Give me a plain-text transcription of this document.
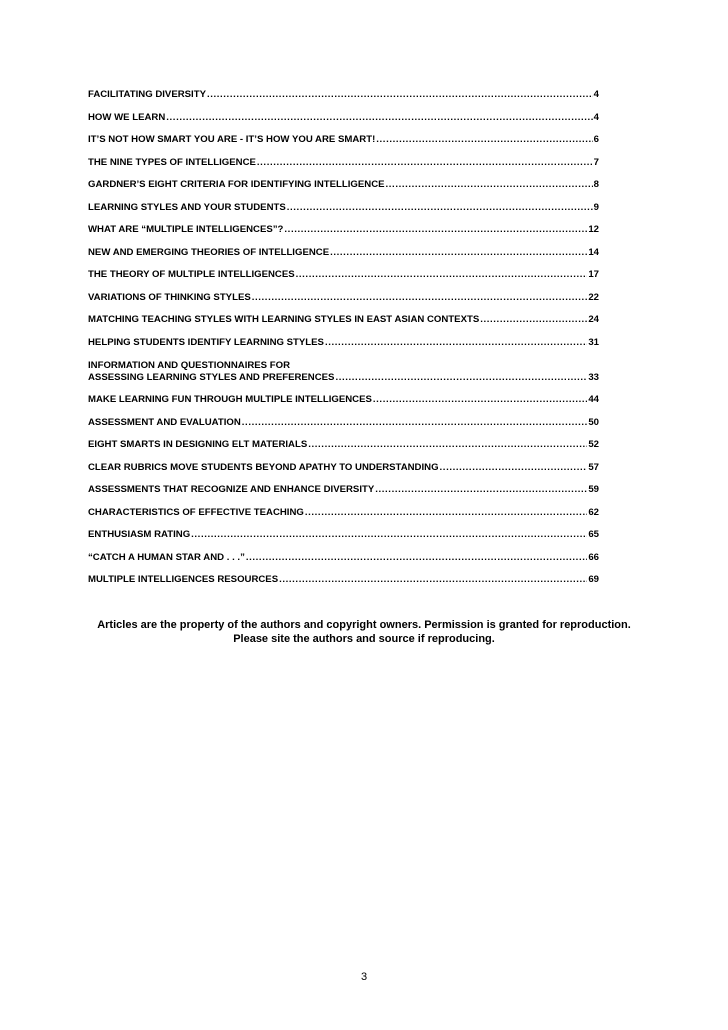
FACILITATING DIVERSITY .....	4
HOW WE LEARN .....	4
IT’S NOT HOW SMART YOU ARE - IT’S HOW YOU ARE SMART! .....	6
THE NINE TYPES OF INTELLIGENCE .....	7
GARDNER’S EIGHT CRITERIA FOR IDENTIFYING INTELLIGENCE .....	8
LEARNING STYLES AND YOUR STUDENTS .....	9
WHAT ARE “MULTIPLE INTELLIGENCES”? .....	12
NEW AND EMERGING THEORIES OF INTELLIGENCE .....	14
THE THEORY OF MULTIPLE INTELLIGENCES .....	17
VARIATIONS OF THINKING STYLES .....	22
MATCHING TEACHING STYLES WITH LEARNING STYLES IN EAST ASIAN CONTEXTS .....	24
HELPING STUDENTS IDENTIFY LEARNING STYLES .....	31
INFORMATION AND QUESTIONNAIRES FOR
ASSESSING LEARNING STYLES AND PREFERENCES .....	33
MAKE LEARNING FUN THROUGH MULTIPLE INTELLIGENCES .....	44
ASSESSMENT AND EVALUATION .....	50
EIGHT SMARTS IN DESIGNING ELT MATERIALS .....	52
CLEAR RUBRICS MOVE STUDENTS BEYOND APATHY TO UNDERSTANDING .....	57
ASSESSMENTS THAT RECOGNIZE AND ENHANCE DIVERSITY .....	59
CHARACTERISTICS OF EFFECTIVE TEACHING .....	62
ENTHUSIASM RATING .....	65
“CATCH A HUMAN STAR AND . . .” .....	66
MULTIPLE INTELLIGENCES RESOURCES .....	69

Articles are the property of the authors and copyright owners. Permission is granted for reproduction.

Please site the authors and source if reproducing.

3
